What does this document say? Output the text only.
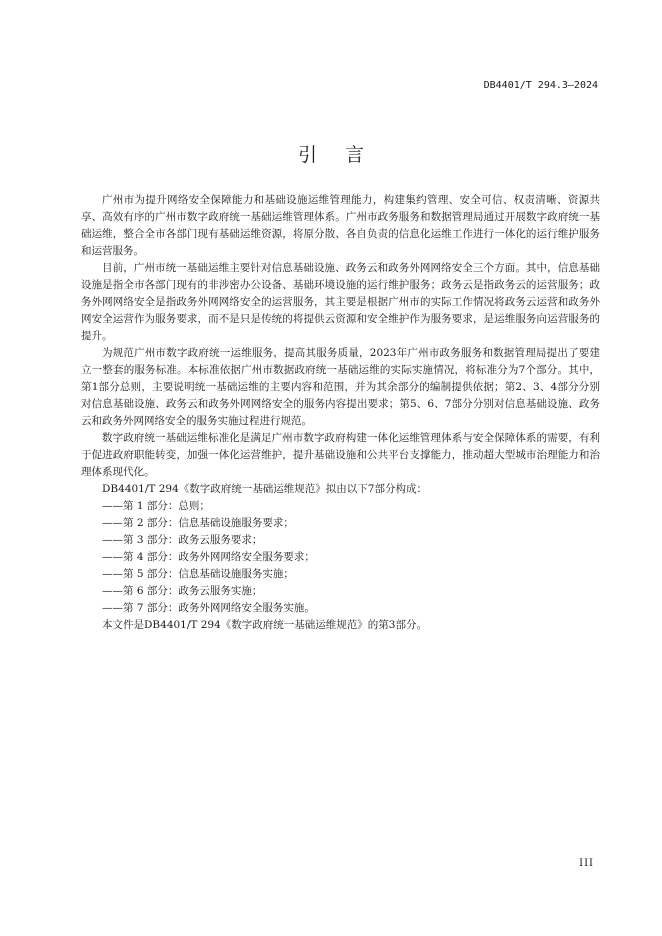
DB4401/T 294.3—2024
引言

广州市为提升网络安全保障能力和基础设施运维管理能力，构建集约管理、安全可信、权责清晰、资源共享、高效有序的广州市数字政府统一基础运维管理体系。广州市政务服务和数据管理局通过开展数字政府统一基础运维，整合全市各部门现有基础运维资源，将原分散、各自负责的信息化运维工作进行一体化的运行维护服务和运营服务。

目前，广州市统一基础运维主要针对信息基础设施、政务云和政务外网网络安全三个方面。其中，信息基础设施是指全市各部门现有的非涉密办公设备、基础环境设施的运行维护服务；政务云是指政务云的运营服务；政务外网网络安全是指政务外网网络安全的运营服务，其主要是根据广州市的实际工作情况将政务云运营和政务外网安全运营作为服务要求，而不是只是传统的将提供云资源和安全维护作为服务要求，是运维服务向运营服务的提升。

为规范广州市数字政府统一运维服务，提高其服务质量，2023年广州市政务服务和数据管理局提出了要建立一整套的服务标准。本标准依据广州市数据政府统一基础运维的实际实施情况，将标准分为7个部分。其中，第1部分总则，主要说明统一基础运维的主要内容和范围，并为其余部分的编制提供依据；第2、3、4部分分别对信息基础设施、政务云和政务外网网络安全的服务内容提出要求；第5、6、7部分分别对信息基础设施、政务云和政务外网网络安全的服务实施过程进行规范。

数字政府统一基础运维标准化是满足广州市数字政府构建一体化运维管理体系与安全保障体系的需要，有利于促进政府职能转变，加强一体化运营维护，提升基础设施和公共平台支撑能力，推动超大型城市治理能力和治理体系现代化。

DB4401/T 294《数字政府统一基础运维规范》拟由以下7部分构成：

——第 1 部分：总则；

——第 2 部分：信息基础设施服务要求；

——第 3 部分：政务云服务要求；

——第 4 部分：政务外网网络安全服务要求；

——第 5 部分：信息基础设施服务实施；

——第 6 部分：政务云服务实施；

——第 7 部分：政务外网网络安全服务实施。

本文件是DB4401/T 294《数字政府统一基础运维规范》的第3部分。

III
